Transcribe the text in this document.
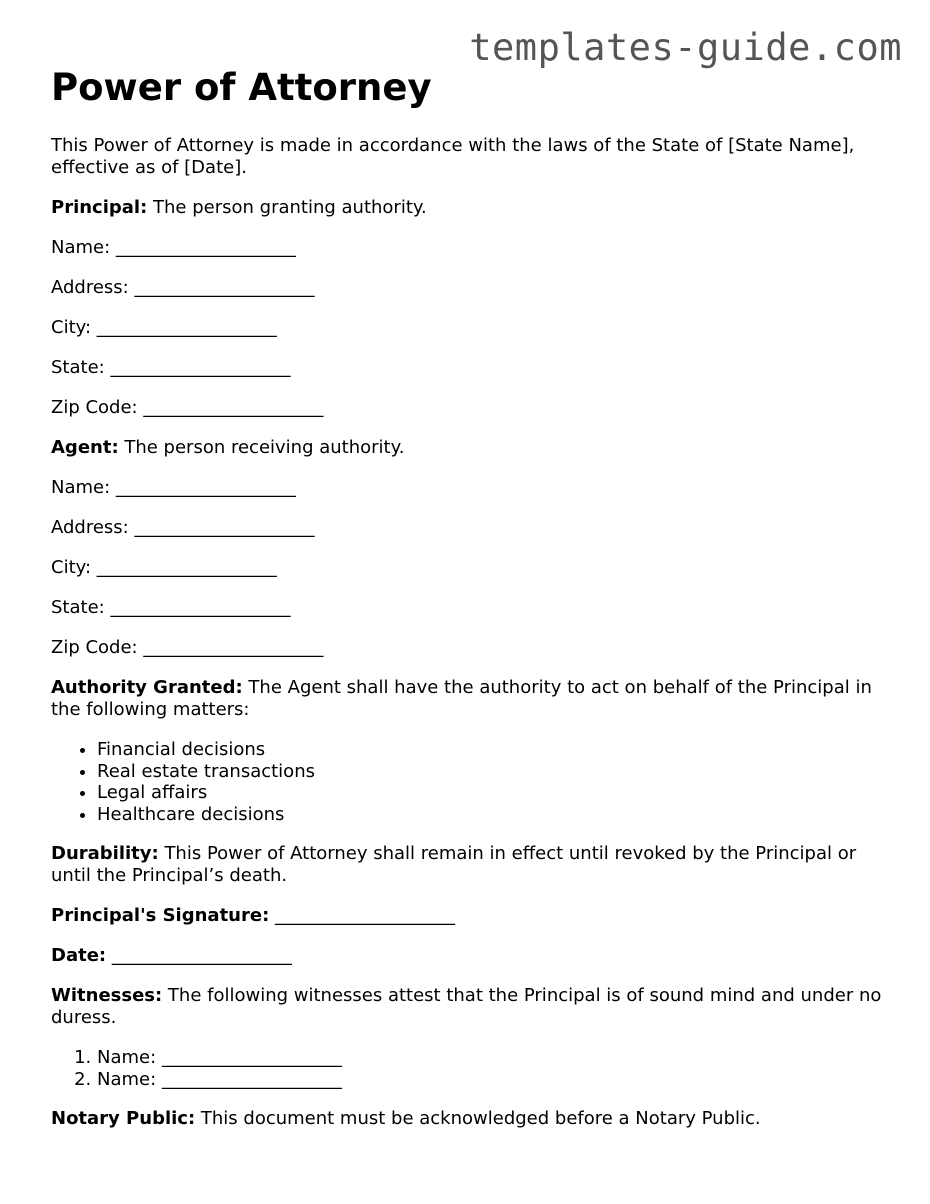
templates-guide.com
Power of Attorney

This Power of Attorney is made in accordance with the laws of the State of [State Name], effective as of [Date].

Principal: The person granting authority.

Name: ____________________

Address: ____________________

City: ____________________

State: ____________________

Zip Code: ____________________

Agent: The person receiving authority.

Name: ____________________

Address: ____________________

City: ____________________

State: ____________________

Zip Code: ____________________

Authority Granted: The Agent shall have the authority to act on behalf of the Principal in the following matters:

• Financial decisions
• Real estate transactions
• Legal affairs
• Healthcare decisions

Durability: This Power of Attorney shall remain in effect until revoked by the Principal or until the Principal’s death.

Principal's Signature: ____________________

Date: ____________________

Witnesses: The following witnesses attest that the Principal is of sound mind and under no duress.

1. Name: ____________________
2. Name: ____________________

Notary Public: This document must be acknowledged before a Notary Public.
